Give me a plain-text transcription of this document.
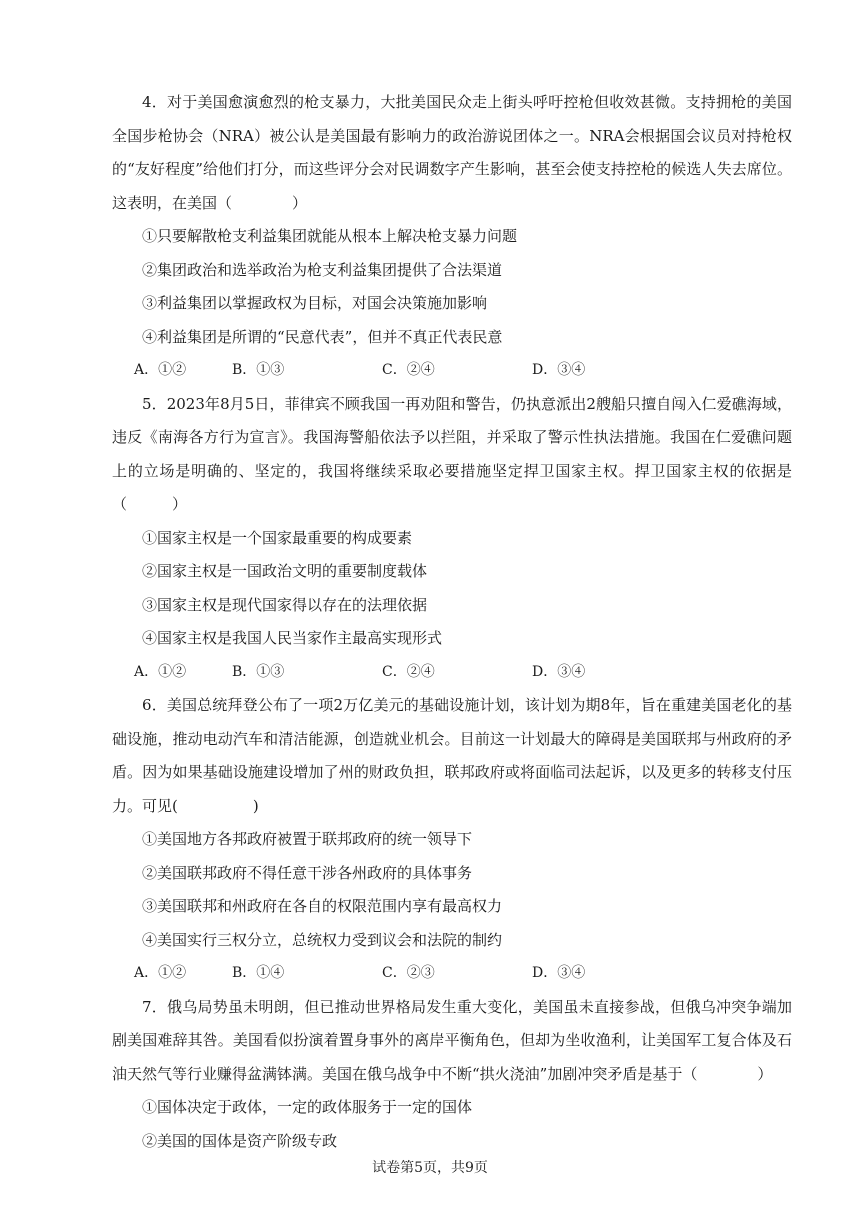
4．对于美国愈演愈烈的枪支暴力，大批美国民众走上街头呼吁控枪但收效甚微。支持拥枪的美国全国步枪协会（NRA）被公认是美国最有影响力的政治游说团体之一。NRA会根据国会议员对持枪权的“友好程度”给他们打分，而这些评分会对民调数字产生影响，甚至会使支持控枪的候选人失去席位。这表明，在美国（　　　　）

①只要解散枪支利益集团就能从根本上解决枪支暴力问题

②集团政治和选举政治为枪支利益集团提供了合法渠道

③利益集团以掌握政权为目标，对国会决策施加影响

④利益集团是所谓的“民意代表”，但并不真正代表民意

A．①②	B．①③	C．②④	D．③④

5．2023年8月5日，菲律宾不顾我国一再劝阻和警告，仍执意派出2艘船只擅自闯入仁爱礁海域，违反《南海各方行为宣言》。我国海警船依法予以拦阻，并采取了警示性执法措施。我国在仁爱礁问题上的立场是明确的、坚定的，我国将继续采取必要措施坚定捍卫国家主权。捍卫国家主权的依据是（　　　）

①国家主权是一个国家最重要的构成要素

②国家主权是一国政治文明的重要制度载体

③国家主权是现代国家得以存在的法理依据

④国家主权是我国人民当家作主最高实现形式

A．①②	B．①③	C．②④	D．③④

6．美国总统拜登公布了一项2万亿美元的基础设施计划，该计划为期8年，旨在重建美国老化的基础设施，推动电动汽车和清洁能源，创造就业机会。目前这一计划最大的障碍是美国联邦与州政府的矛盾。因为如果基础设施建设增加了州的财政负担，联邦政府或将面临司法起诉，以及更多的转移支付压力。可见(　　　　　)

①美国地方各邦政府被置于联邦政府的统一领导下

②美国联邦政府不得任意干涉各州政府的具体事务

③美国联邦和州政府在各自的权限范围内享有最高权力

④美国实行三权分立，总统权力受到议会和法院的制约

A．①②	B．①④	C．②③	D．③④

7．俄乌局势虽未明朗，但已推动世界格局发生重大变化，美国虽未直接参战，但俄乌冲突争端加剧美国难辞其咎。美国看似扮演着置身事外的离岸平衡角色，但却为坐收渔利，让美国军工复合体及石油天然气等行业赚得盆满钵满。美国在俄乌战争中不断“拱火浇油”加剧冲突矛盾是基于（　　　　）

①国体决定于政体，一定的政体服务于一定的国体

②美国的国体是资产阶级专政

试卷第5页，共9页
